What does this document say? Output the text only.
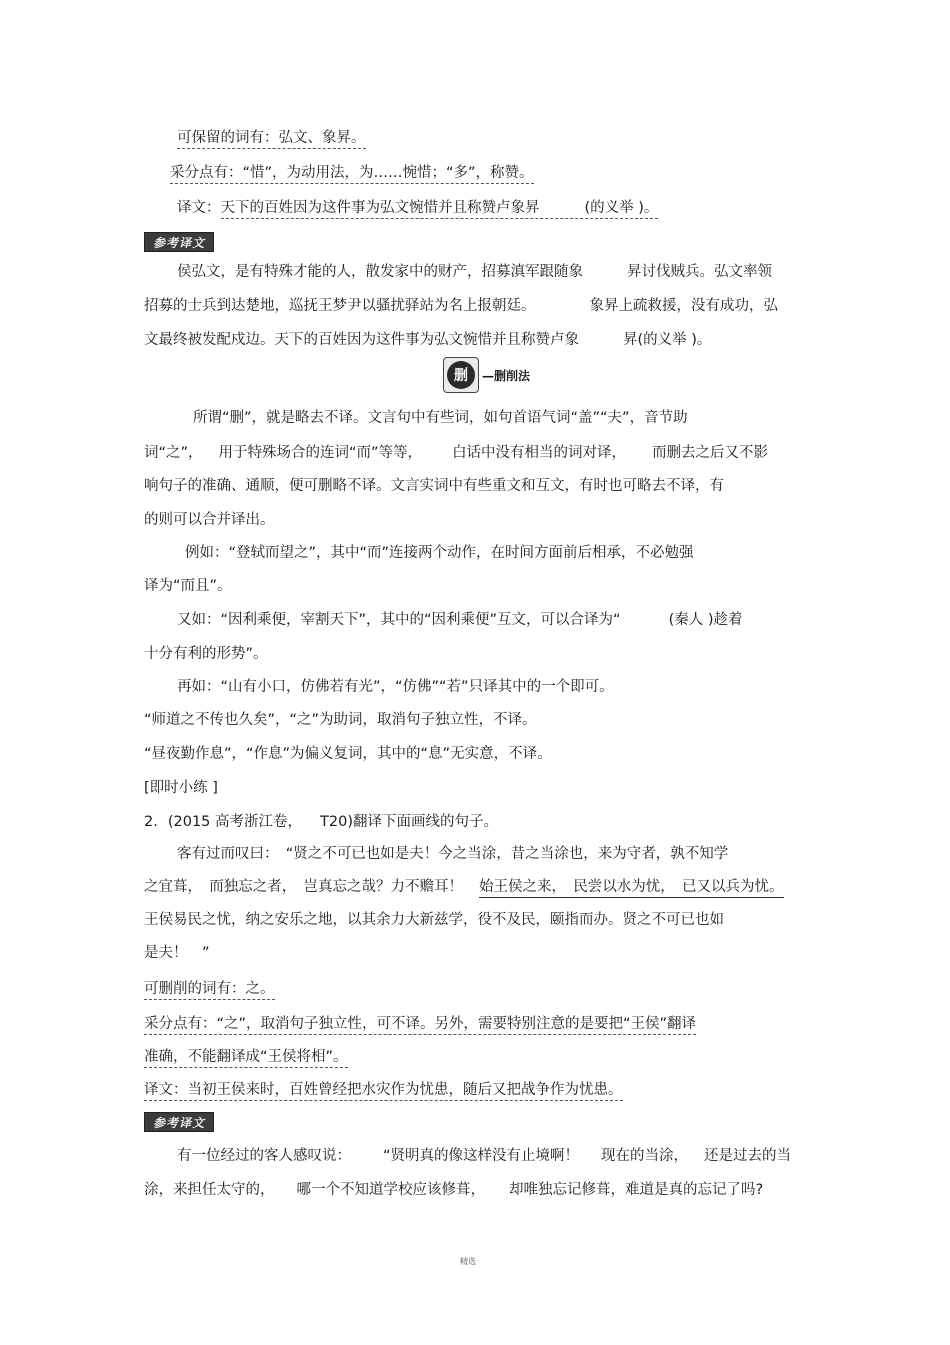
可保留的词有：弘文、象昇。
采分点有：“惜”，为动用法，为……惋惜；“多”，称赞。
译文：天下的百姓因为这件事为弘文惋惜并且称赞卢象昇	(的义举 )。
参考译文
侯弘文，是有特殊才能的人，散发家中的财产，招募滇军跟随象	昇讨伐贼兵。弘文率领
招募的士兵到达楚地，巡抚王梦尹以骚扰驿站为名上报朝廷。	象昇上疏救援，没有成功，弘
文最终被发配戍边。天下的百姓因为这件事为弘文惋惜并且称赞卢象	昇(的义举 )。
删	—删削法
所谓“删”，就是略去不译。文言句中有些词，如句首语气词“盖”“夫”，音节助
词“之”， 用于特殊场合的连词“而”等等， 白话中没有相当的词对译， 而删去之后又不影
响句子的准确、通顺，便可删略不译。文言实词中有些重文和互文，有时也可略去不译，有
的则可以合并译出。
例如：“登轼而望之”，其中“而”连接两个动作，在时间方面前后相承，不必勉强
译为“而且”。
又如：“因利乘便，宰割天下”，其中的“因利乘便”互文，可以合译为“	(秦人 )趁着
十分有利的形势”。
再如：“山有小口，仿佛若有光”，“仿佛”“若”只译其中的一个即可。
“师道之不传也久矣”，“之”为助词，取消句子独立性，不译。
“昼夜勤作息”，“作息”为偏义复词，其中的“息”无实意，不译。
[即时小练 ]
2. (2015 高考浙江卷， T20)翻译下面画线的句子。
客有过而叹曰：　“贤之不可已也如是夫！今之当涂，昔之当涂也，来为守者，孰不知学
之宜葺，　而独忘之者，　岂真忘之哉？力不赡耳！ 始王侯之来，　民尝以水为忧，　已又以兵为忧。
王侯易民之忧，纳之安乐之地，以其余力大新兹学，役不及民，颐指而办。贤之不可已也如
是夫！　”
可删削的词有：之。
采分点有：“之”，取消句子独立性，可不译。另外，需要特别注意的是要把“王侯”翻译
准确，不能翻译成“王侯将相”。
译文：当初王侯来时，百姓曾经把水灾作为忧患，随后又把战争作为忧患。
参考译文
有一位经过的客人感叹说： “贤明真的像这样没有止境啊！ 现在的当涂， 还是过去的当
涂，来担任太守的， 哪一个不知道学校应该修葺， 却唯独忘记修葺，难道是真的忘记了吗?
精选
